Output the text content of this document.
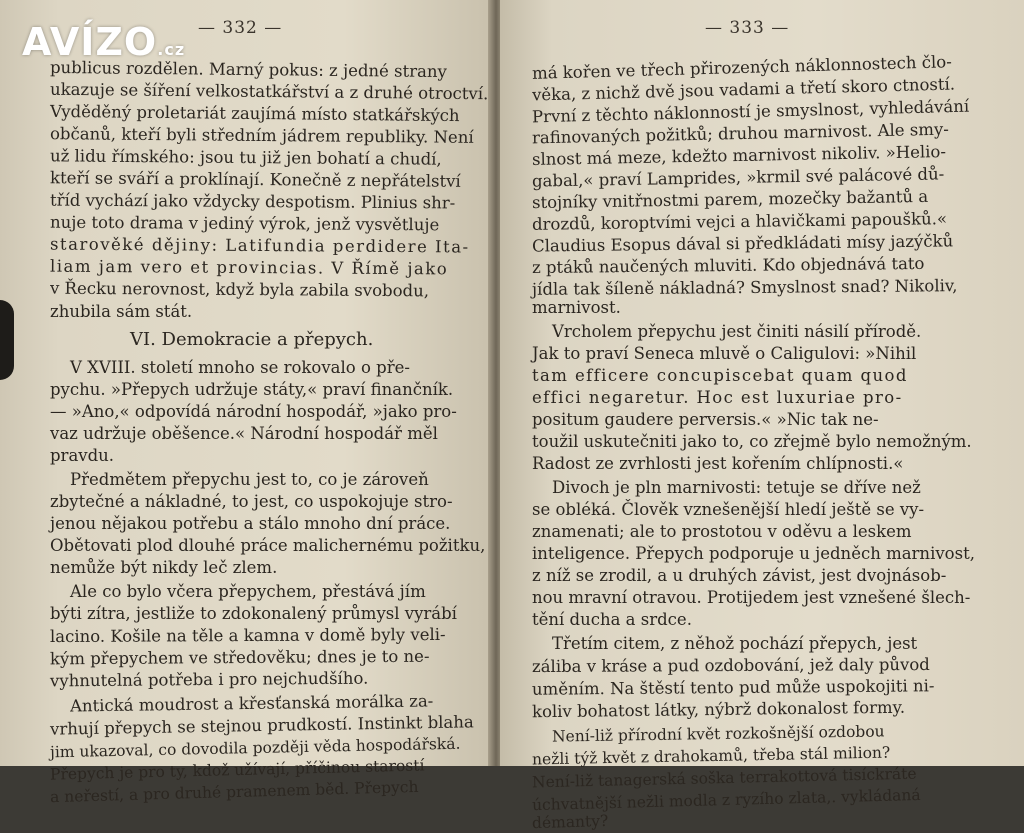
— 332 —
publicus rozdělen. Marný pokus: z jedné strany
ukazuje se šíření velkostatkářství a z druhé otroctví.
Vyděděný proletariát zaujímá místo statkářských
občanů, kteří byli středním jádrem republiky. Není
už lidu římského: jsou tu již jen bohatí a chudí,
kteří se sváří a proklínají. Konečně z nepřátelství
tříd vychází jako vždycky despotism. Plinius shr-
nuje toto drama v jediný výrok, jenž vysvětluje
starověké dějiny: Latifundia perdidere Ita-
liam jam vero et provincias. V Římě jako
v Řecku nerovnost, když byla zabila svobodu,
zhubila sám stát.
VI. Demokracie a přepych.
V XVIII. století mnoho se rokovalo o pře-
pychu. »Přepych udržuje státy,« praví finančník.
— »Ano,« odpovídá národní hospodář, »jako pro-
vaz udržuje oběšence.« Národní hospodář měl
pravdu.
Předmětem přepychu jest to, co je zároveň
zbytečné a nákladné, to jest, co uspokojuje stro-
jenou nějakou potřebu a stálo mnoho dní práce.
Obětovati plod dlouhé práce malichernému požitku,
nemůže být nikdy leč zlem.
Ale co bylo včera přepychem, přestává jím
býti zítra, jestliže to zdokonalený průmysl vyrábí
lacino. Košile na těle a kamna v domě byly veli-
kým přepychem ve středověku; dnes je to ne-
vyhnutelná potřeba i pro nejchudšího.
Antická moudrost a křesťanská morálka za-
vrhují přepych se stejnou prudkostí. Instinkt blaha
jim ukazoval, co dovodila později věda hospodářská.
Přepych je pro ty, kdož užívají, příčinou starostí
a neřestí, a pro druhé pramenem běd. Přepych
— 333 —
má kořen ve třech přirozených náklonnostech člo-
věka, z nichž dvě jsou vadami a třetí skoro ctností.
První z těchto náklonností je smyslnost, vyhledávání
rafinovaných požitků; druhou marnivost. Ale smy-
slnost má meze, kdežto marnivost nikoliv. »Helio-
gabal,« praví Lamprides, »krmil své palácové dů-
stojníky vnitřnostmi parem, mozečky bažantů a
drozdů, koroptvími vejci a hlavičkami papoušků.«
Claudius Esopus dával si předkládati mísy jazýčků
z ptáků naučených mluviti. Kdo objednává tato
jídla tak šíleně nákladná? Smyslnost snad? Nikoliv,
marnivost.
Vrcholem přepychu jest činiti násilí přírodě.
Jak to praví Seneca mluvě o Caligulovi: »Nihil
tam efficere concupiscebat quam quod
effici negaretur. Hoc est luxuriae pro-
positum gaudere perversis.« »Nic tak ne-
toužil uskutečniti jako to, co zřejmě bylo nemožným.
Radost ze zvrhlosti jest kořením chlípnosti.«
Divoch je pln marnivosti: tetuje se dříve než
se obléká. Člověk vznešenější hledí ještě se vy-
znamenati; ale to prostotou v oděvu a leskem
inteligence. Přepych podporuje u jedněch marnivost,
z níž se zrodil, a u druhých závist, jest dvojnásob-
nou mravní otravou. Protijedem jest vznešené šlech-
tění ducha a srdce.
Třetím citem, z něhož pochází přepych, jest
záliba v kráse a pud ozdobování, jež daly původ
uměním. Na štěstí tento pud může uspokojiti ni-
koliv bohatost látky, nýbrž dokonalost formy.
Není-liž přírodní květ rozkošnější ozdobou
nežli týž květ z drahokamů, třeba stál milion?
Není-liž tanagerská soška terrakottová tisíckráte
úchvatnější nežli modla z ryzího zlata,. vykládaná
démanty?
AVÍZO.cz
